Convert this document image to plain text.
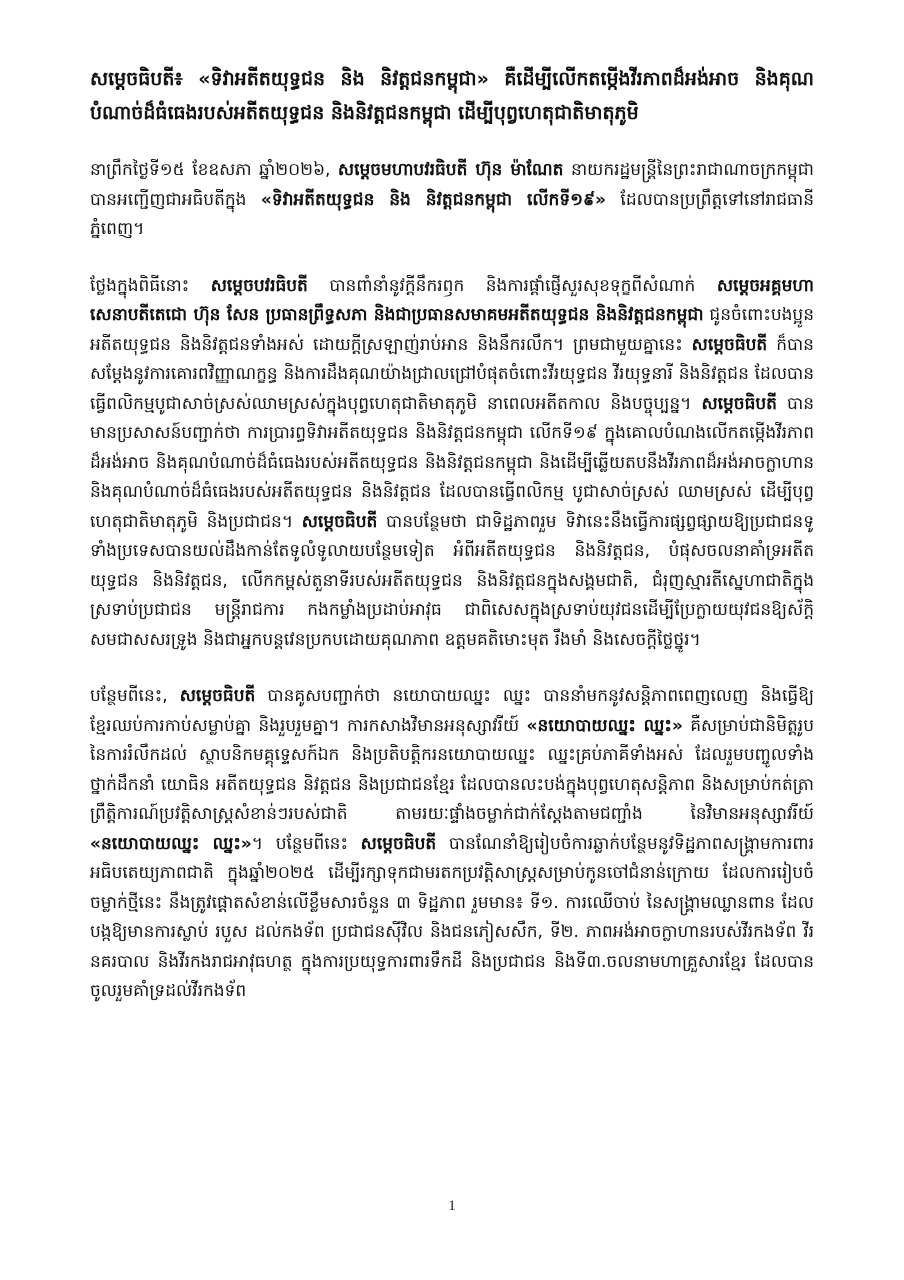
សម្តេចធិបតី៖ «ទិវាអតីតយុទ្ធជន និង និវត្តជនកម្ពុជា» គឺដើម្បីលើកតម្កើងវីរភាពដ៏អង់អាច និងគុណបំណាច់ដ៏ធំធេងរបស់អតីតយុទ្ធជន និងនិវត្តជនកម្ពុជា ដើម្បីបុព្វហេតុជាតិមាតុភូមិ

នាព្រឹកថ្ងៃទី១៥ ខែឧសភា ឆ្នាំ២០២៦, សម្តេចមហាបវរធិបតី ហ៊ុន ម៉ាណែត នាយករដ្ឋមន្ត្រីនៃព្រះរាជាណាចក្រកម្ពុជា បានអញ្ជើញជាអធិបតីក្នុង «ទិវាអតីតយុទ្ធជន និង និវត្តជនកម្ពុជា លើកទី១៩» ដែលបានប្រព្រឹត្តទៅនៅរាជធានីភ្នំពេញ។

ថ្លែងក្នុងពិធីនោះ សម្តេចបវរធិបតី បានពាំនាំនូវក្តីនឹករឭក និងការផ្តាំផ្ញើសួរសុខទុក្ខពីសំណាក់ សម្តេចអគ្គមហាសេនាបតីតេជោ ហ៊ុន សែន ប្រធានព្រឹទ្ធសភា និងជាប្រធានសមាគមអតីតយុទ្ធជន និងនិវត្តជនកម្ពុជា ជូនចំពោះបងប្អូនអតីតយុទ្ធជន និងនិវត្តជនទាំងអស់ ដោយក្តីស្រឡាញ់រាប់អាន និងនឹករលឹក។ ព្រមជាមួយគ្នានេះ សម្តេចធិបតី ក៏បានសម្តែងនូវការគោរពវិញ្ញាណក្ខន្ធ និងការដឹងគុណយ៉ាងជ្រាលជ្រៅបំផុតចំពោះវីរយុទ្ធជន វីរយុទ្ធនារី និងនិវត្តជន ដែលបានធ្វើពលិកម្មបូជាសាច់ស្រស់ឈាមស្រស់ក្នុងបុព្វហេតុជាតិមាតុភូមិ នាពេលអតីតកាល និងបច្ចុប្បន្ន។ សម្តេចធិបតី បានមានប្រសាសន៍បញ្ជាក់ថា ការប្រារព្ធទិវាអតីតយុទ្ធជន និងនិវត្តជនកម្ពុជា លើកទី១៩ ក្នុងគោលបំណងលើកតម្កើងវីរភាពដ៏អង់អាច និងគុណបំណាច់ដ៏ធំធេងរបស់អតីតយុទ្ធជន និងនិវត្តជនកម្ពុជា និងដើម្បីឆ្លើយតបនឹងវីរភាពដ៏អង់អាចក្លាហាន និងគុណបំណាច់ដ៏ធំធេងរបស់អតីតយុទ្ធជន និងនិវត្តជន ដែលបានធ្វើពលិកម្ម បូជាសាច់ស្រស់ ឈាមស្រស់ ដើម្បីបុព្វហេតុជាតិមាតុភូមិ និងប្រជាជន។ សម្តេចធិបតី បានបន្ថែមថា ជាទិដ្ឋភាពរួម ទិវានេះនឹងធ្វើការផ្សព្វផ្សាយឱ្យប្រជាជនទូទាំងប្រទេសបានយល់ដឹងកាន់តែទូលំទូលាយបន្ថែមទៀត អំពីអតីតយុទ្ធជន និងនិវត្តជន, បំផុសចលនាគាំទ្រអតីតយុទ្ធជន និងនិវត្តជន, លើកកម្ពស់តួនាទីរបស់អតីតយុទ្ធជន និងនិវត្តជនក្នុងសង្គមជាតិ, ជំរុញស្មារតីស្នេហាជាតិក្នុងស្រទាប់ប្រជាជន មន្ត្រីរាជការ កងកម្លាំងប្រដាប់អាវុធ ជាពិសេសក្នុងស្រទាប់យុវជនដើម្បីប្រែក្លាយយុវជនឱ្យស័ក្តិសមជាសសរទ្រូង និងជាអ្នកបន្តវេនប្រកបដោយគុណភាព ឧត្តមគតិមោះមុត រឹងមាំ និងសេចក្តីថ្លៃថ្នូរ។

បន្ថែមពីនេះ, សម្តេចធិបតី បានគូសបញ្ជាក់ថា នយោបាយឈ្នះ ឈ្នះ បាននាំមកនូវសន្តិភាពពេញលេញ និងធ្វើឱ្យខ្មែរឈប់ការកាប់សម្លាប់គ្នា និងរួបរួមគ្នា។ ការកសាងវិមានអនុស្សាវរីយ៍ «នយោបាយឈ្នះ ឈ្នះ» គឺសម្រាប់ជានិមិត្តរូប នៃការរំលឹកដល់ ស្ថាបនិកមគ្គុទ្ទេសក៍ឯក និងប្រតិបត្តិករនយោបាយឈ្នះ ឈ្នះគ្រប់ភាគីទាំងអស់ ដែលរួមបញ្ចូលទាំងថ្នាក់ដឹកនាំ យោធិន អតីតយុទ្ធជន និវត្តជន និងប្រជាជនខ្មែរ ដែលបានលះបង់ក្នុងបុព្វហេតុសន្តិភាព និងសម្រាប់កត់ត្រាព្រឹត្តិការណ៍ប្រវត្តិសាស្ត្រសំខាន់ៗរបស់ជាតិ តាមរយៈផ្ទាំងចម្លាក់ជាក់ស្តែងតាមជញ្ជាំង នៃវិមានអនុស្សាវរីយ៍ «នយោបាយឈ្នះ ឈ្នះ»។ បន្ថែមពីនេះ សម្តេចធិបតី បានណែនាំឱ្យរៀបចំការឆ្លាក់បន្ថែមនូវទិដ្ឋភាពសង្គ្រាមការពារអធិបតេយ្យភាពជាតិ ក្នុងឆ្នាំ២០២៥ ដើម្បីរក្សាទុកជាមរតកប្រវត្តិសាស្ត្រសម្រាប់កូនចៅជំនាន់ក្រោយ ដែលការរៀបចំចម្លាក់ថ្មីនេះ នឹងត្រូវផ្តោតសំខាន់លើខ្លឹមសារចំនួន ៣ ទិដ្ឋភាព រួមមាន៖ ទី១. ការឈើចាប់ នៃសង្គ្រាមឈ្លានពាន ដែលបង្កឱ្យមានការស្លាប់ របួស ដល់កងទ័ព ប្រជាជនស៊ីវិល និងជនភៀសសឹក, ទី២. ភាពអង់អាចក្លាហានរបស់វីរកងទ័ព វីរនគរបាល និងវីរកងរាជអាវុធហត្ថ ក្នុងការប្រយុទ្ធការពារទឹកដី និងប្រជាជន និងទី៣.ចលនាមហាគ្រួសារខ្មែរ ដែលបានចូលរួមគាំទ្រដល់វីរកងទ័ព

1
